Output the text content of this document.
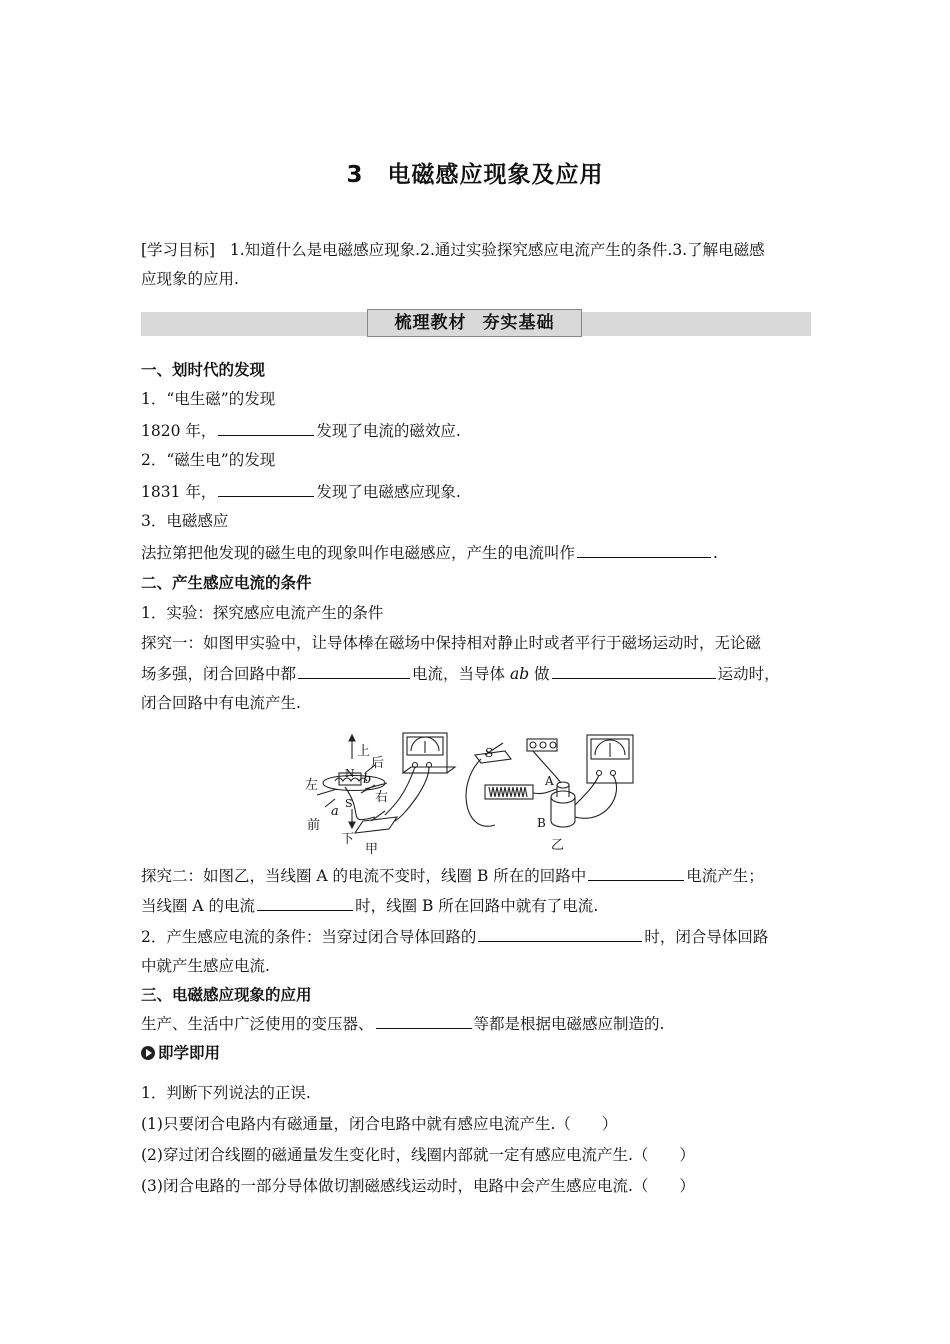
3　电磁感应现象及应用
[学习目标] 1.知道什么是电磁感应现象.2.通过实验探究感应电流产生的条件.3.了解电磁感
应现象的应用.
梳理教材 夯实基础
一、划时代的发现
1．“电生磁”的发现
1820 年，	发现了电流的磁效应.
2．“磁生电”的发现
1831 年，	发现了电磁感应现象.
3．电磁感应
法拉第把他发现的磁生电的现象叫作电磁感应，产生的电流叫作	.
二、产生感应电流的条件
1．实验：探究感应电流产生的条件
探究一：如图甲实验中，让导体棒在磁场中保持相对静止时或者平行于磁场运动时，无论磁
场多强，闭合回路中都	电流，当导体 ab 做	运动时，
闭合回路中有电流产生.
上
下
左
右
前
后
N
S
a
b
甲
S
A
B
乙
探究二：如图乙，当线圈 A 的电流不变时，线圈 B 所在的回路中	电流产生；
当线圈 A 的电流	时，线圈 B 所在回路中就有了电流.
2．产生感应电流的条件：当穿过闭合导体回路的	时，闭合导体回路
中就产生感应电流.
三、电磁感应现象的应用
生产、生活中广泛使用的变压器、	等都是根据电磁感应制造的.
即学即用
1．判断下列说法的正误.
(1)只要闭合电路内有磁通量，闭合电路中就有感应电流产生.（　　）
(2)穿过闭合线圈的磁通量发生变化时，线圈内部就一定有感应电流产生.（　　）
(3)闭合电路的一部分导体做切割磁感线运动时，电路中会产生感应电流.（　　）
